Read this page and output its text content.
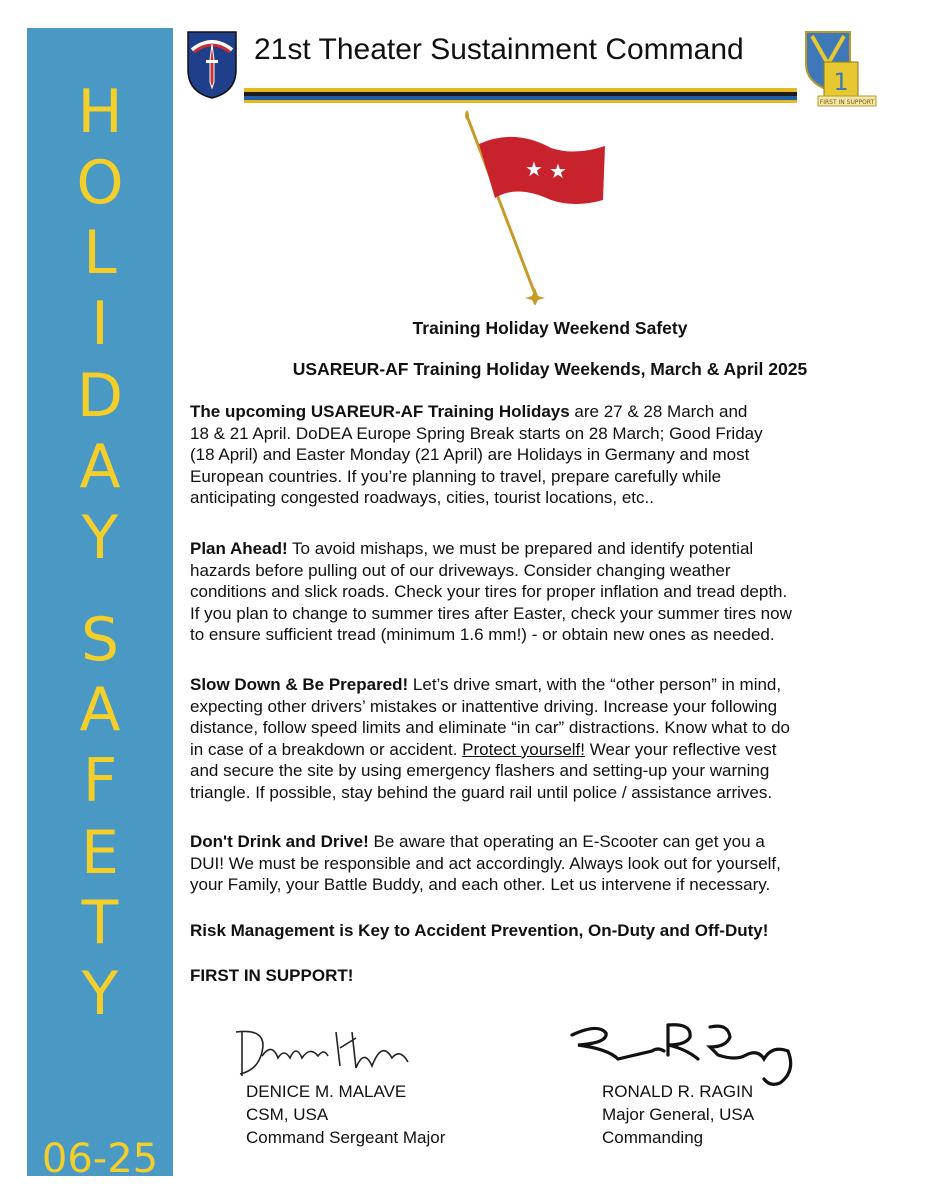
H
O
L
I
D
A
Y
S
A
F
E
T
Y
06-25
21st Theater Sustainment Command
1
FIRST IN SUPPORT
★ ★
Training Holiday Weekend Safety
USAREUR-AF Training Holiday Weekends, March & April 2025
The upcoming USAREUR-AF Training Holidays are 27 & 28 March and
18 & 21 April. DoDEA Europe Spring Break starts on 28 March; Good Friday
(18 April) and Easter Monday (21 April) are Holidays in Germany and most
European countries. If you’re planning to travel, prepare carefully while
anticipating congested roadways, cities, tourist locations, etc..
Plan Ahead! To avoid mishaps, we must be prepared and identify potential
hazards before pulling out of our driveways. Consider changing weather
conditions and slick roads. Check your tires for proper inflation and tread depth.
If you plan to change to summer tires after Easter, check your summer tires now
to ensure sufficient tread (minimum 1.6 mm!) - or obtain new ones as needed.
Slow Down & Be Prepared! Let’s drive smart, with the “other person” in mind,
expecting other drivers’ mistakes or inattentive driving. Increase your following
distance, follow speed limits and eliminate “in car” distractions. Know what to do
in case of a breakdown or accident. Protect yourself! Wear your reflective vest
and secure the site by using emergency flashers and setting-up your warning
triangle. If possible, stay behind the guard rail until police / assistance arrives.
Don't Drink and Drive! Be aware that operating an E-Scooter can get you a
DUI! We must be responsible and act accordingly. Always look out for yourself,
your Family, your Battle Buddy, and each other. Let us intervene if necessary.
Risk Management is Key to Accident Prevention, On-Duty and Off-Duty!
FIRST IN SUPPORT!
DENICE M. MALAVE
CSM, USA
Command Sergeant Major
RONALD R. RAGIN
Major General, USA
Commanding
